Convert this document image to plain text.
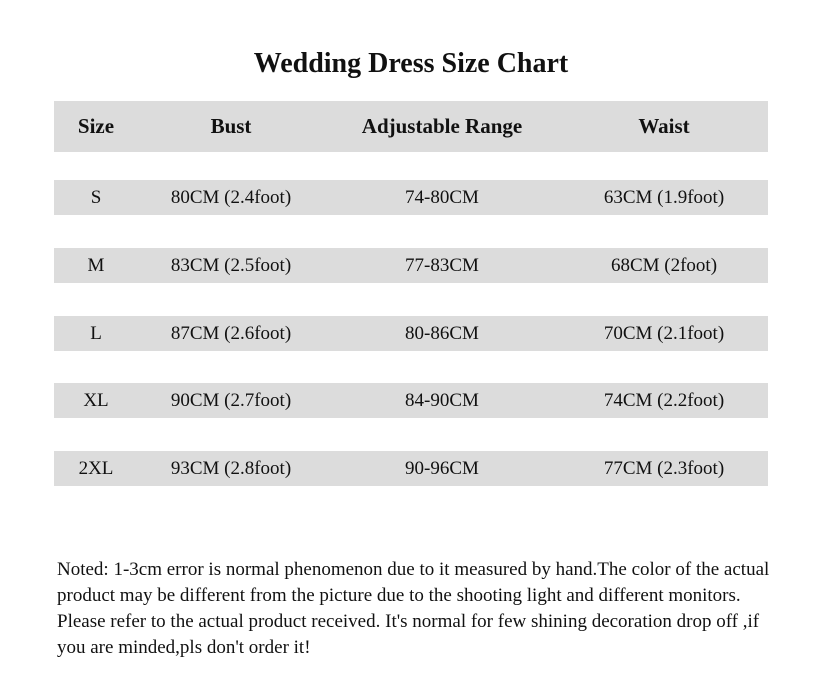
Wedding Dress Size Chart
Size	Bust	Adjustable Range	Waist
S	80CM (2.4foot)	74-80CM	63CM (1.9foot)
M	83CM (2.5foot)	77-83CM	68CM (2foot)
L	87CM (2.6foot)	80-86CM	70CM (2.1foot)
XL	90CM (2.7foot)	84-90CM	74CM (2.2foot)
2XL	93CM (2.8foot)	90-96CM	77CM (2.3foot)
Noted: 1-3cm error is normal phenomenon due to it measured by hand.The color of the actual product may be different from the picture due to the shooting light and different monitors. Please refer to the actual product received. It's normal for few shining decoration drop off ,if you are minded,pls don't order it!
